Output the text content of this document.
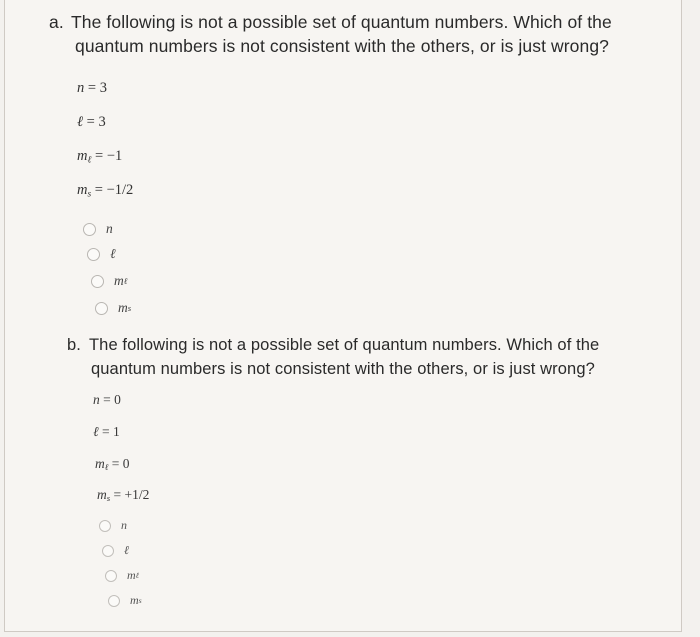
a. The following is not a possible set of quantum numbers. Which of the
quantum numbers is not consistent with the others, or is just wrong?
n = 3
ℓ = 3
$m_\ell = -1$
$m_s = -1/2$
n
ℓ
m ℓ
m s
b. The following is not a possible set of quantum numbers. Which of the
quantum numbers is not consistent with the others, or is just wrong?
n = 0
ℓ = 1
$m_\ell = 0$
$m_s = +1/2$
n
ℓ
m ℓ
m s
